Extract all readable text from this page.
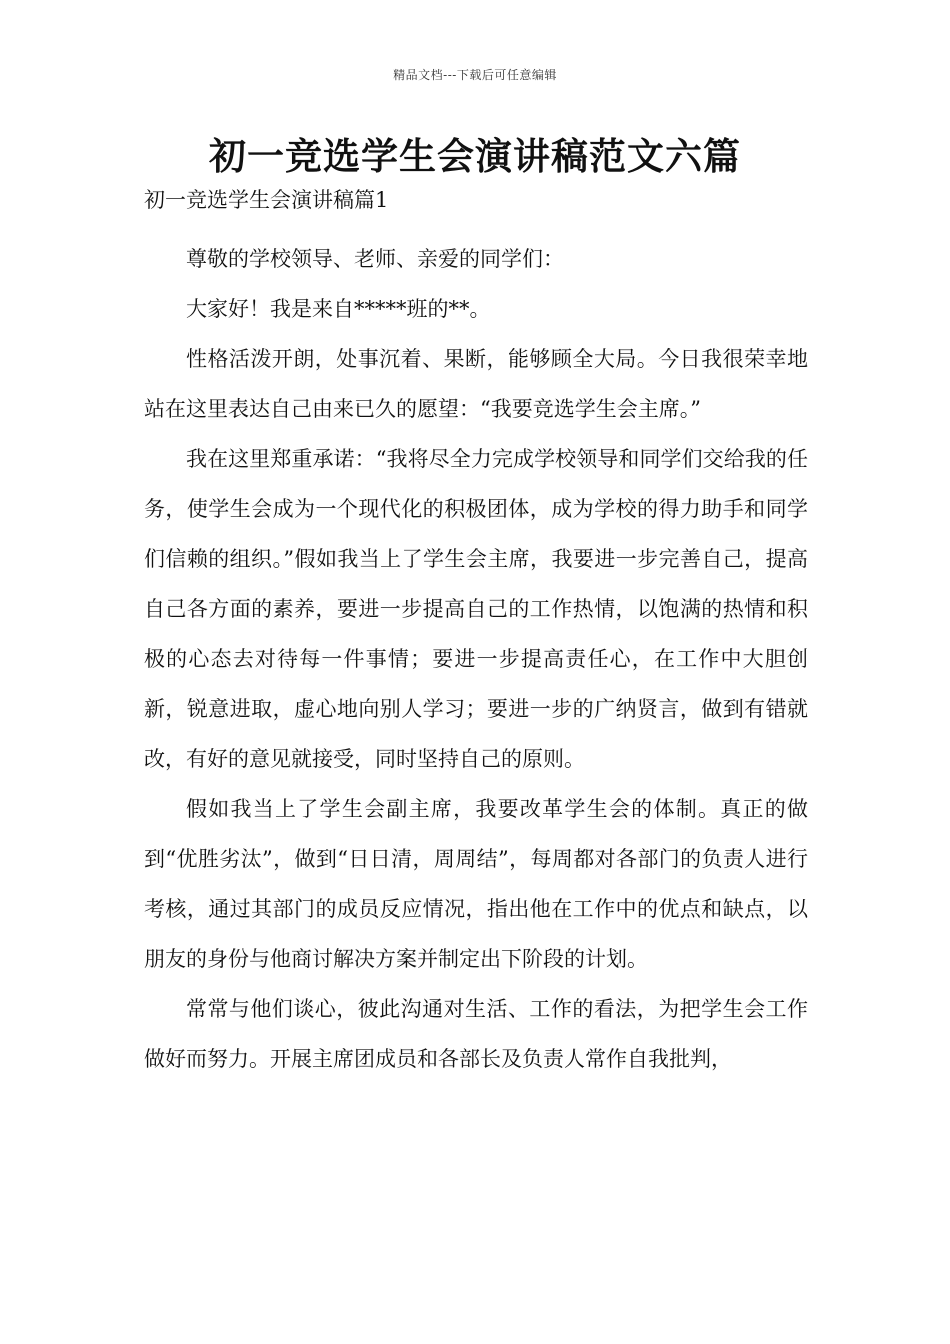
精品文档---下载后可任意编辑
初一竞选学生会演讲稿范文六篇
初一竞选学生会演讲稿篇1

尊敬的学校领导、老师、亲爱的同学们：

大家好！我是来自*****班的**。

性格活泼开朗，处事沉着、果断，能够顾全大局。今日我很荣幸地站在这里表达自己由来已久的愿望：“我要竞选学生会主席。”

我在这里郑重承诺：“我将尽全力完成学校领导和同学们交给我的任务，使学生会成为一个现代化的积极团体，成为学校的得力助手和同学们信赖的组织。”假如我当上了学生会主席，我要进一步完善自己，提高自己各方面的素养，要进一步提高自己的工作热情，以饱满的热情和积极的心态去对待每一件事情；要进一步提高责任心，在工作中大胆创新，锐意进取，虚心地向别人学习；要进一步的广纳贤言，做到有错就改，有好的意见就接受，同时坚持自己的原则。

假如我当上了学生会副主席，我要改革学生会的体制。真正的做到“优胜劣汰”，做到“日日清，周周结”，每周都对各部门的负责人进行考核，通过其部门的成员反应情况，指出他在工作中的优点和缺点，以朋友的身份与他商讨解决方案并制定出下阶段的计划。

常常与他们谈心，彼此沟通对生活、工作的看法，为把学生会工作做好而努力。开展主席团成员和各部长及负责人常作自我批判，
